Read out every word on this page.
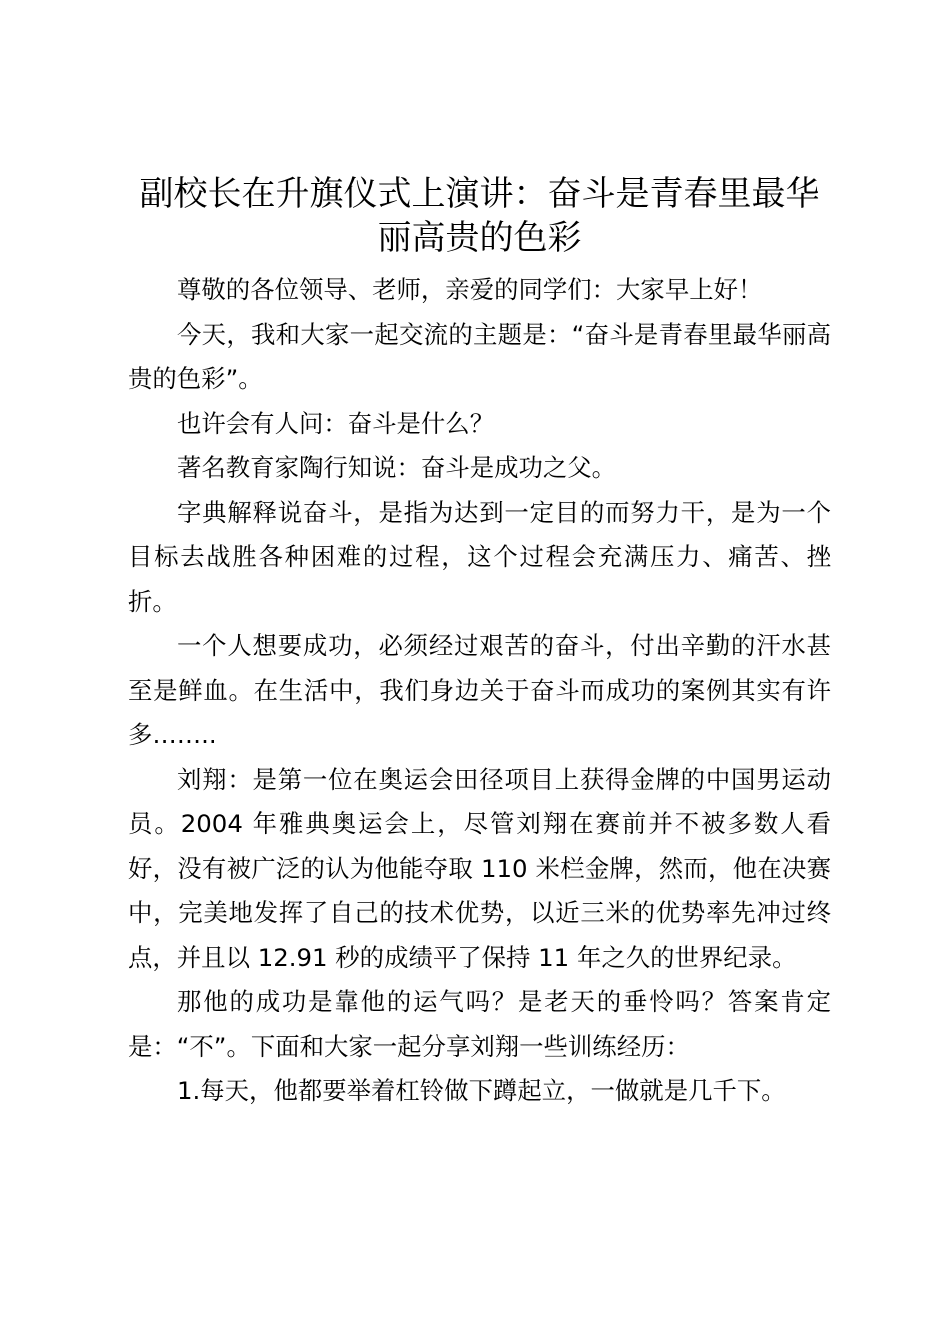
副校长在升旗仪式上演讲：奋斗是青春里最华丽高贵的色彩

尊敬的各位领导、老师，亲爱的同学们：大家早上好！

今天，我和大家一起交流的主题是：“奋斗是青春里最华丽高贵的色彩”。

也许会有人问：奋斗是什么？

著名教育家陶行知说：奋斗是成功之父。

字典解释说奋斗，是指为达到一定目的而努力干，是为一个目标去战胜各种困难的过程，这个过程会充满压力、痛苦、挫折。

一个人想要成功，必须经过艰苦的奋斗，付出辛勤的汗水甚至是鲜血。在生活中，我们身边关于奋斗而成功的案例其实有许多……..

刘翔：是第一位在奥运会田径项目上获得金牌的中国男运动员。2004 年雅典奥运会上，尽管刘翔在赛前并不被多数人看好，没有被广泛的认为他能夺取 110 米栏金牌，然而，他在决赛中，完美地发挥了自己的技术优势，以近三米的优势率先冲过终点，并且以 12.91 秒的成绩平了保持 11 年之久的世界纪录。

那他的成功是靠他的运气吗？是老天的垂怜吗？答案肯定是：“不”。下面和大家一起分享刘翔一些训练经历：

1.每天，他都要举着杠铃做下蹲起立，一做就是几千下。
